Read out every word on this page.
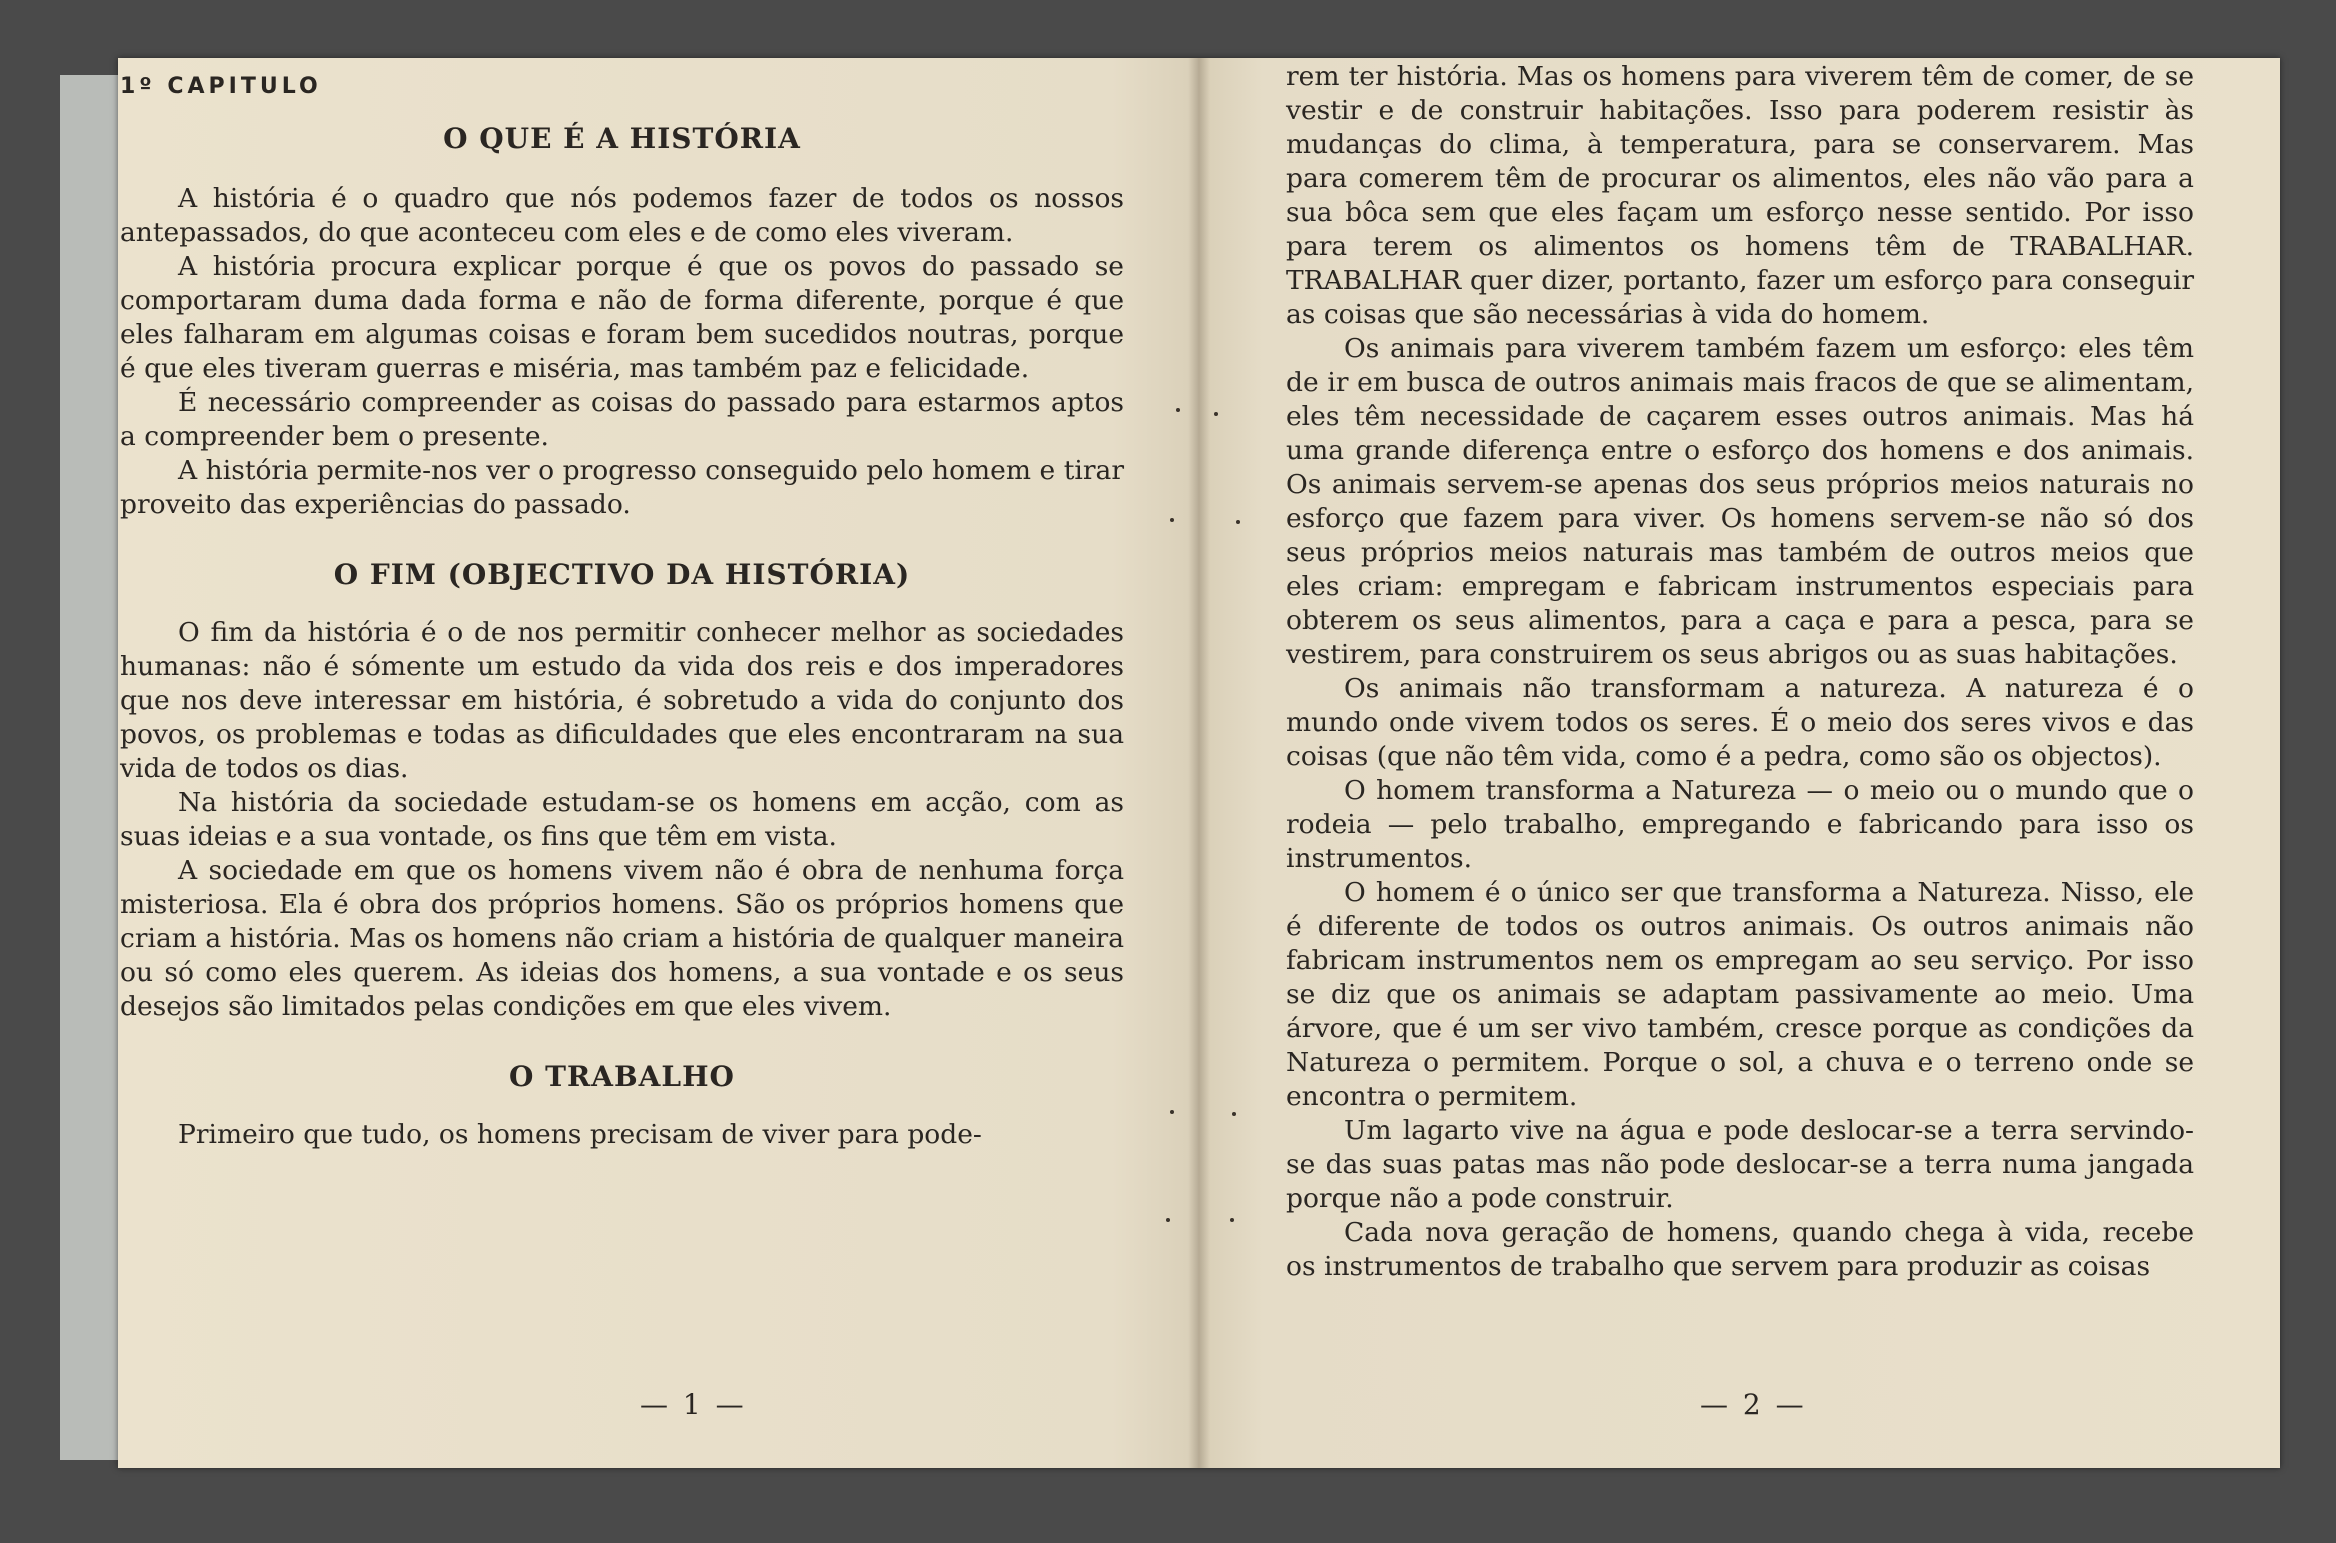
1º CAPITULO
O QUE É A HISTÓRIA

A história é o quadro que nós podemos fazer de todos os nossos antepassados, do que aconteceu com eles e de como eles viveram.

A história procura explicar porque é que os povos do passado se comportaram duma dada forma e não de forma diferente, porque é que eles falharam em algumas coisas e foram bem sucedidos noutras, porque é que eles tiveram guerras e miséria, mas também paz e felicidade.

É necessário compreender as coisas do passado para estarmos aptos a compreender bem o presente.

A história permite-nos ver o progresso conseguido pelo homem e tirar proveito das experiências do passado.

O FIM (OBJECTIVO DA HISTÓRIA)

O fim da história é o de nos permitir conhecer melhor as sociedades humanas: não é sómente um estudo da vida dos reis e dos imperadores que nos deve interessar em história, é sobretudo a vida do conjunto dos povos, os problemas e todas as dificuldades que eles encontraram na sua vida de todos os dias.

Na história da sociedade estudam-se os homens em acção, com as suas ideias e a sua vontade, os fins que têm em vista.

A sociedade em que os homens vivem não é obra de nenhuma força misteriosa. Ela é obra dos próprios homens. São os próprios homens que criam a história. Mas os homens não criam a história de qualquer maneira ou só como eles querem. As ideias dos homens, a sua vontade e os seus desejos são limitados pelas condições em que eles vivem.

O TRABALHO

Primeiro que tudo, os homens precisam de viver para pode-

— 1 —

rem ter história. Mas os homens para viverem têm de comer, de se vestir e de construir habitações. Isso para poderem resistir às mudanças do clima, à temperatura, para se conservarem. Mas para comerem têm de procurar os alimentos, eles não vão para a sua bôca sem que eles façam um esforço nesse sentido. Por isso para terem os alimentos os homens têm de TRABALHAR. TRABALHAR quer dizer, portanto, fazer um esforço para conseguir as coisas que são necessárias à vida do homem.

Os animais para viverem também fazem um esforço: eles têm de ir em busca de outros animais mais fracos de que se alimentam, eles têm necessidade de caçarem esses outros animais. Mas há uma grande diferença entre o esforço dos homens e dos animais. Os animais servem-se apenas dos seus próprios meios naturais no esforço que fazem para viver. Os homens servem-se não só dos seus próprios meios naturais mas também de outros meios que eles criam: empregam e fabricam instrumentos especiais para obterem os seus alimentos, para a caça e para a pesca, para se vestirem, para construirem os seus abrigos ou as suas habitações.

Os animais não transformam a natureza. A natureza é o mundo onde vivem todos os seres. É o meio dos seres vivos e das coisas (que não têm vida, como é a pedra, como são os objectos).

O homem transforma a Natureza — o meio ou o mundo que o rodeia — pelo trabalho, empregando e fabricando para isso os instrumentos.

O homem é o único ser que transforma a Natureza. Nisso, ele é diferente de todos os outros animais. Os outros animais não fabricam instrumentos nem os empregam ao seu serviço. Por isso se diz que os animais se adaptam passivamente ao meio. Uma árvore, que é um ser vivo também, cresce porque as condições da Natureza o permitem. Porque o sol, a chuva e o terreno onde se encontra o permitem.

Um lagarto vive na água e pode deslocar-se a terra servindo-se das suas patas mas não pode deslocar-se a terra numa jangada porque não a pode construir.

Cada nova geração de homens, quando chega à vida, recebe os instrumentos de trabalho que servem para produzir as coisas

— 2 —
